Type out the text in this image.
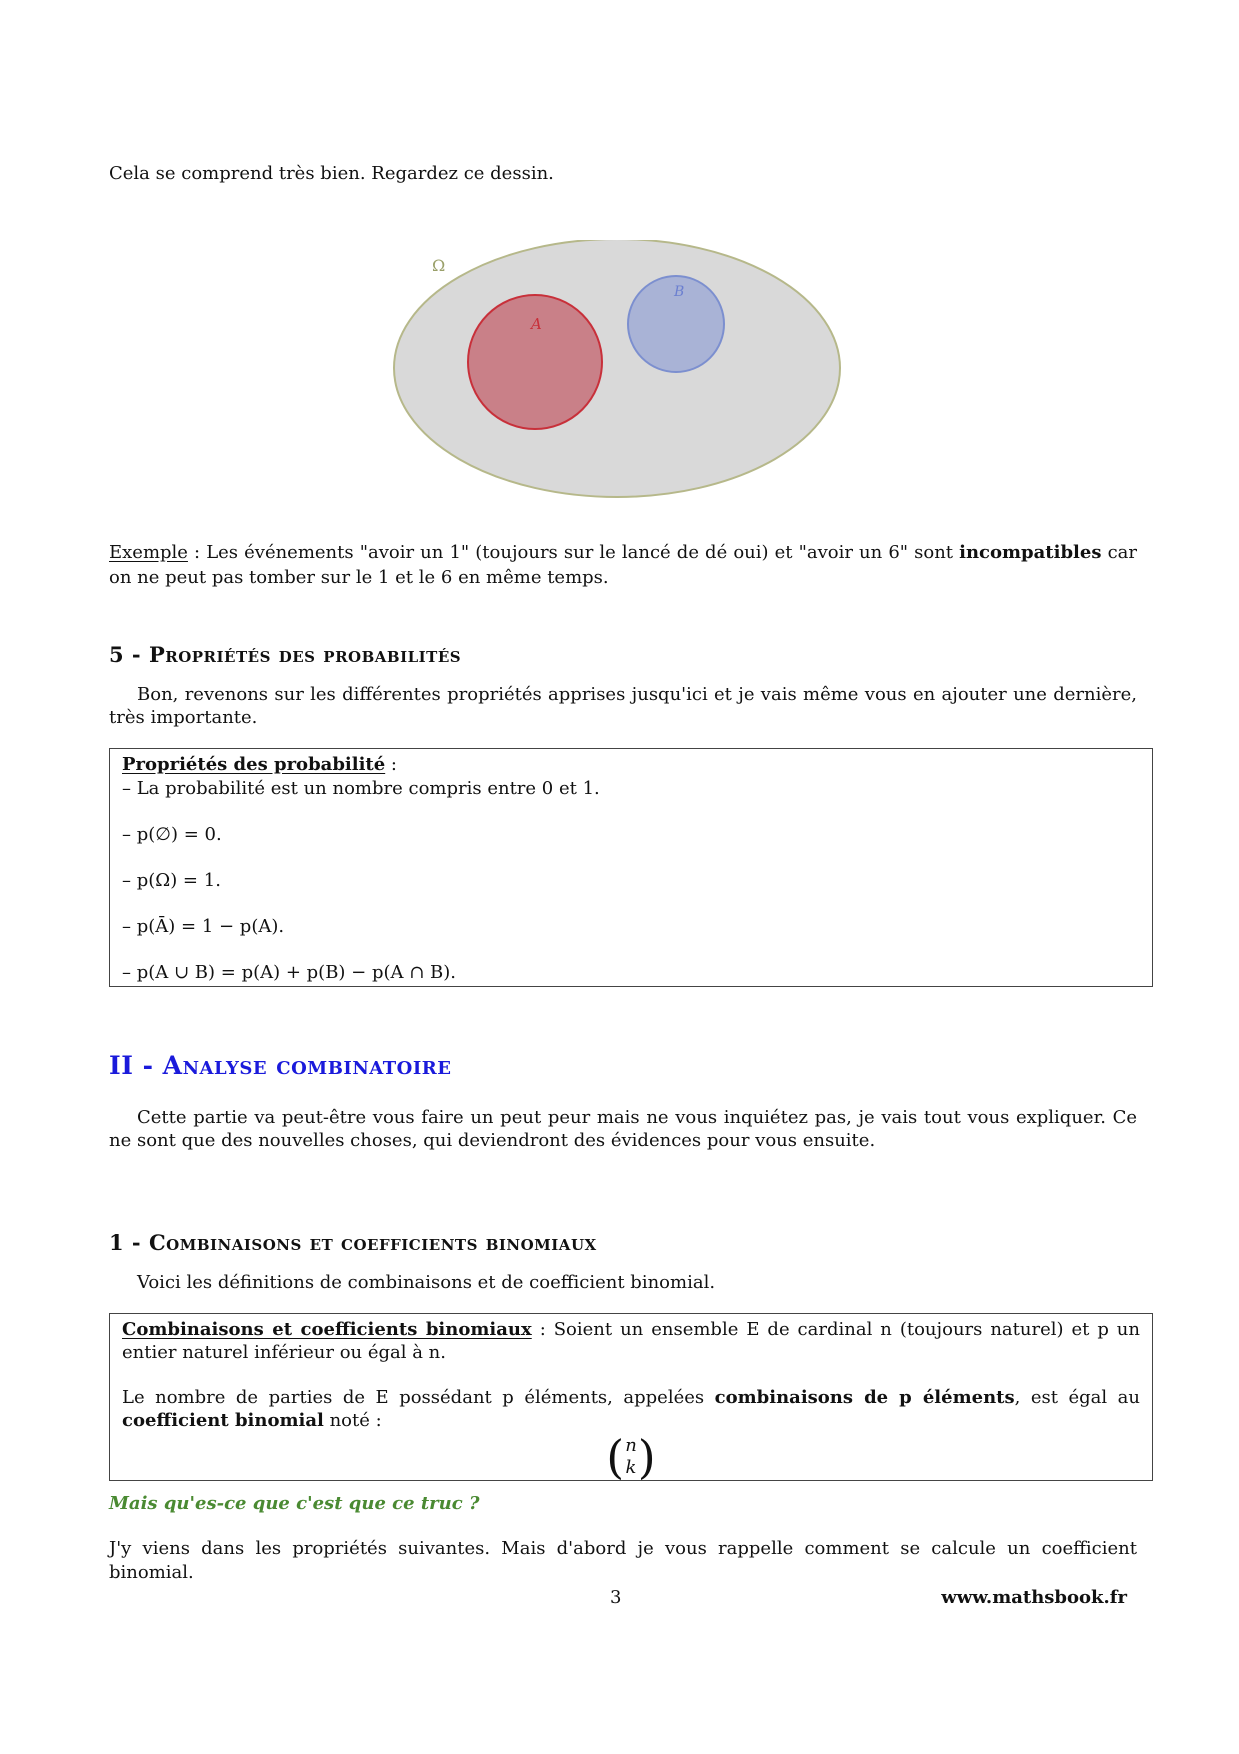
Cela se comprend très bien. Regardez ce dessin.
Ω
A
B
Exemple : Les événements "avoir un 1" (toujours sur le lancé de dé oui) et "avoir un 6" sont incompatibles car on ne peut pas tomber sur le 1 et le 6 en même temps.
5 - Propriétés des probabilités
Bon, revenons sur les différentes propriétés apprises jusqu'ici et je vais même vous en ajouter une dernière, très importante.
Propriétés des probabilité :
– La probabilité est un nombre compris entre 0 et 1.
– p(∅) = 0.
– p(Ω) = 1.
– p(Ā) = 1 − p(A).
– p(A ∪ B) = p(A) + p(B) − p(A ∩ B).
II - Analyse combinatoire
Cette partie va peut-être vous faire un peut peur mais ne vous inquiétez pas, je vais tout vous expliquer. Ce ne sont que des nouvelles choses, qui deviendront des évidences pour vous ensuite.
1 - Combinaisons et coefficients binomiaux
Voici les définitions de combinaisons et de coefficient binomial.
Combinaisons et coefficients binomiaux : Soient un ensemble E de cardinal n (toujours naturel) et p un entier naturel inférieur ou égal à n.
Le nombre de parties de E possédant p éléments, appelées combinaisons de p éléments, est égal au coefficient binomial noté :
( n
k )
Mais qu'es-ce que c'est que ce truc ?
J'y viens dans les propriétés suivantes. Mais d'abord je vous rappelle comment se calcule un coefficient binomial.
3	www.mathsbook.fr
